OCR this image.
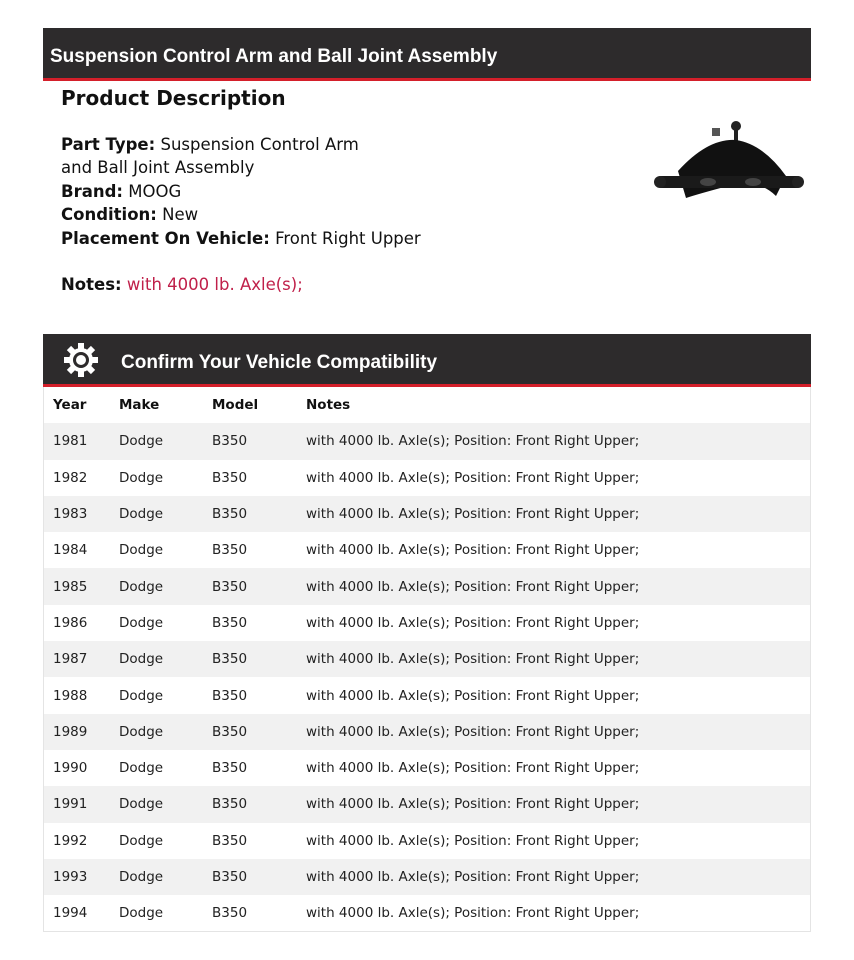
Suspension Control Arm and Ball Joint Assembly
Product Description
Part Type: Suspension Control Arm and Ball Joint Assembly
Brand: MOOG
Condition: New
Placement On Vehicle: Front Right Upper
Notes: with 4000 lb. Axle(s);
Confirm Your Vehicle Compatibility
Year	Make	Model	Notes
1981	Dodge	B350	with 4000 lb. Axle(s); Position: Front Right Upper;
1982	Dodge	B350	with 4000 lb. Axle(s); Position: Front Right Upper;
1983	Dodge	B350	with 4000 lb. Axle(s); Position: Front Right Upper;
1984	Dodge	B350	with 4000 lb. Axle(s); Position: Front Right Upper;
1985	Dodge	B350	with 4000 lb. Axle(s); Position: Front Right Upper;
1986	Dodge	B350	with 4000 lb. Axle(s); Position: Front Right Upper;
1987	Dodge	B350	with 4000 lb. Axle(s); Position: Front Right Upper;
1988	Dodge	B350	with 4000 lb. Axle(s); Position: Front Right Upper;
1989	Dodge	B350	with 4000 lb. Axle(s); Position: Front Right Upper;
1990	Dodge	B350	with 4000 lb. Axle(s); Position: Front Right Upper;
1991	Dodge	B350	with 4000 lb. Axle(s); Position: Front Right Upper;
1992	Dodge	B350	with 4000 lb. Axle(s); Position: Front Right Upper;
1993	Dodge	B350	with 4000 lb. Axle(s); Position: Front Right Upper;
1994	Dodge	B350	with 4000 lb. Axle(s); Position: Front Right Upper;
